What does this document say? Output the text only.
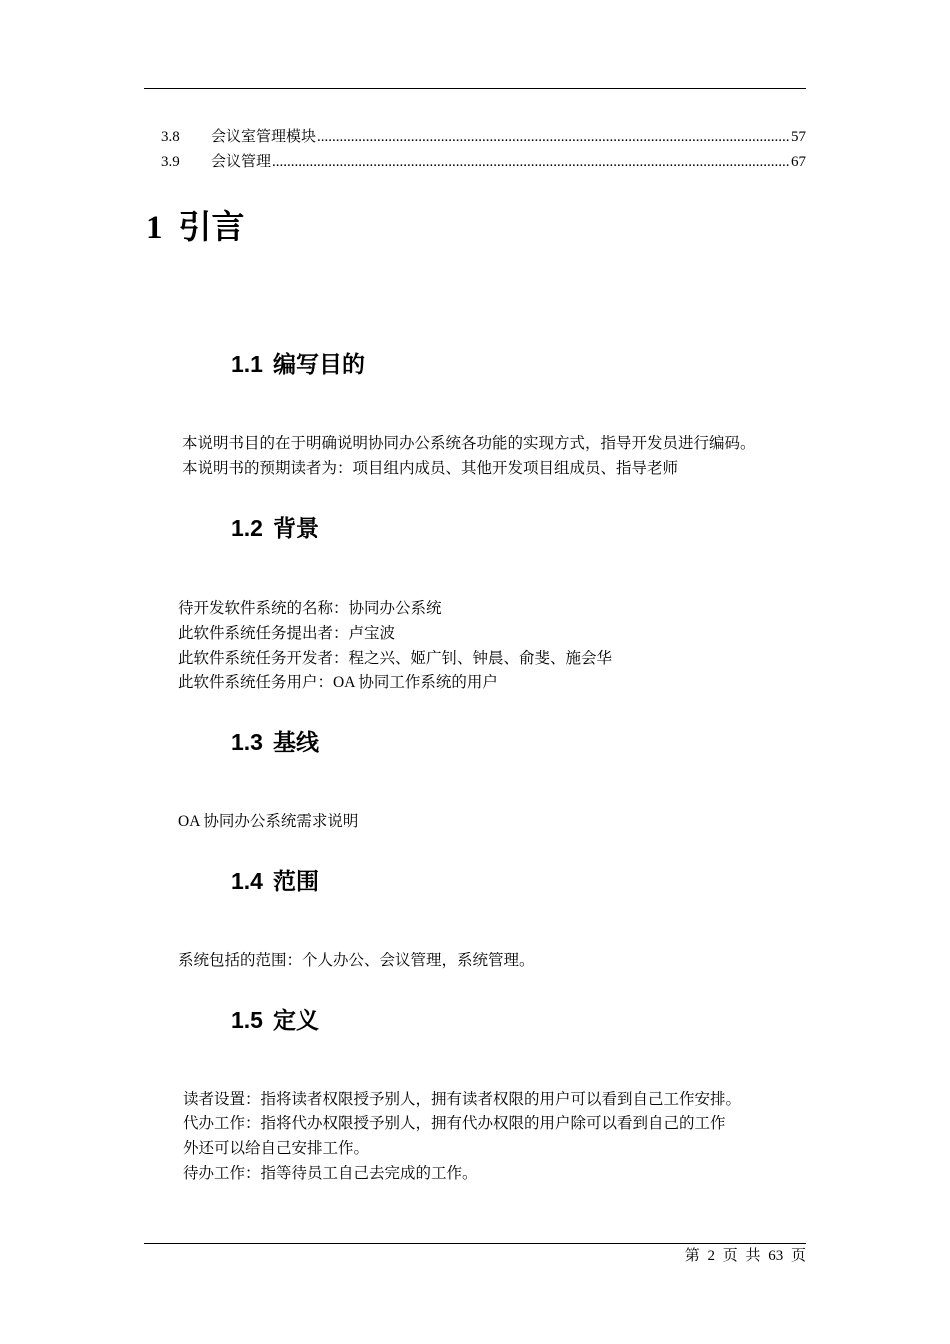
3.8	会议室管理模块 .....	57
3.9	会议管理 .....	67
1 引言
1.1 编写目的
本说明书目的在于明确说明协同办公系统各功能的实现方式，指导开发员进行编码。
本说明书的预期读者为：项目组内成员、其他开发项目组成员、指导老师
1.2 背景
待开发软件系统的名称：协同办公系统
此软件系统任务提出者：卢宝波
此软件系统任务开发者：程之兴、姬广钊、钟晨、俞斐、施会华
此软件系统任务用户：OA 协同工作系统的用户
1.3 基线
OA 协同办公系统需求说明
1.4 范围
系统包括的范围：个人办公、会议管理，系统管理。
1.5 定义
读者设置：指将读者权限授予别人，拥有读者权限的用户可以看到自己工作安排。
代办工作：指将代办权限授予别人，拥有代办权限的用户除可以看到自己的工作
外还可以给自己安排工作。
待办工作：指等待员工自己去完成的工作。
第 2 页 共 63 页
